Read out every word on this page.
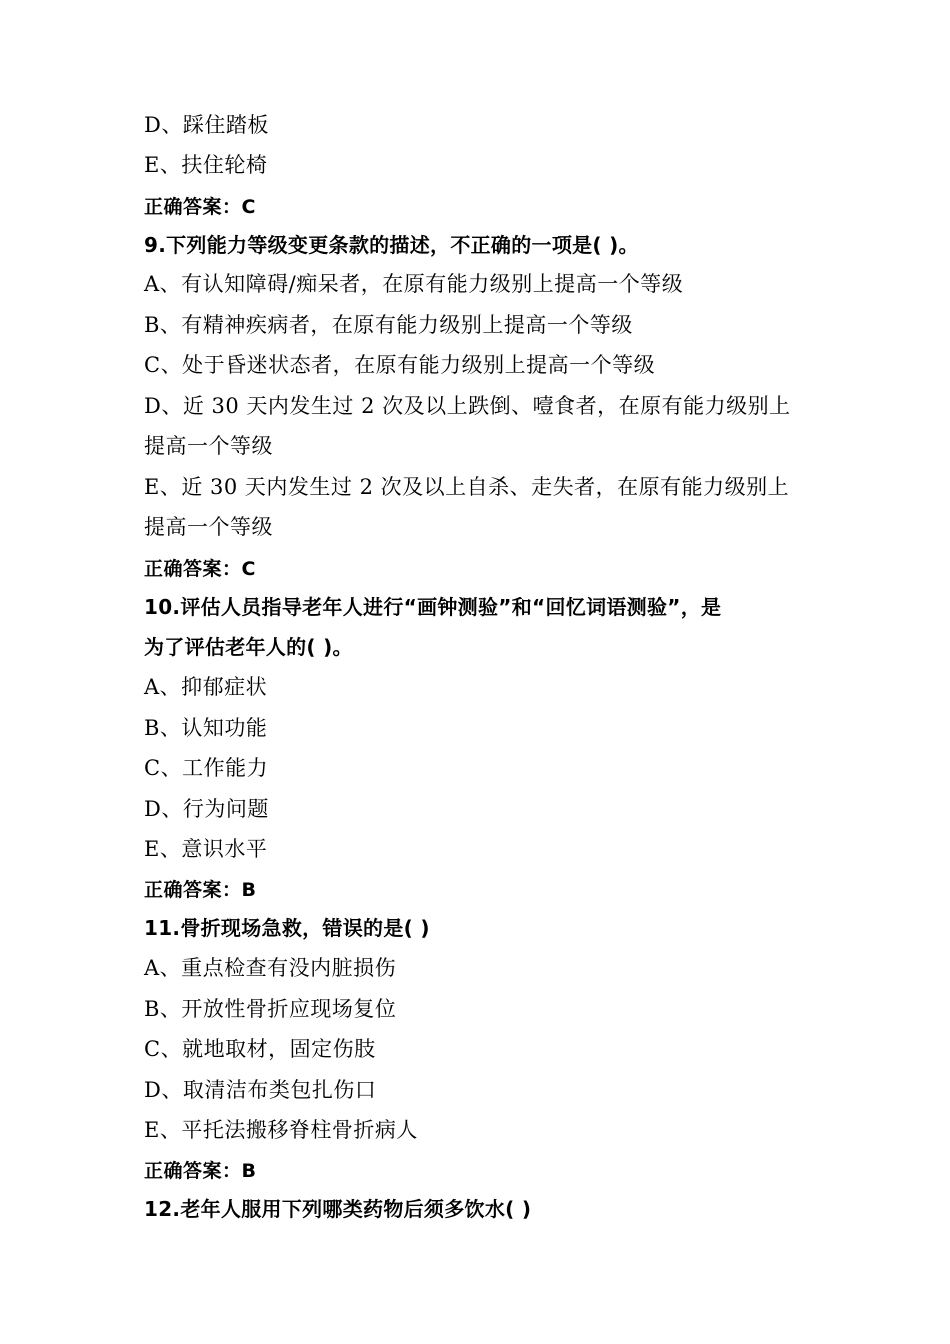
D、踩住踏板
E、扶住轮椅
正确答案：C
9.下列能力等级变更条款的描述，不正确的一项是( )。
A、有认知障碍/痴呆者，在原有能力级别上提高一个等级
B、有精神疾病者，在原有能力级别上提高一个等级
C、处于昏迷状态者，在原有能力级别上提高一个等级
D、近 30 天内发生过 2 次及以上跌倒、噎食者，在原有能力级别上
提高一个等级
E、近 30 天内发生过 2 次及以上自杀、走失者，在原有能力级别上
提高一个等级
正确答案：C
10.评估人员指导老年人进行“画钟测验”和“回忆词语测验”，是
为了评估老年人的( )。
A、抑郁症状
B、认知功能
C、工作能力
D、行为问题
E、意识水平
正确答案：B
11.骨折现场急救，错误的是( )
A、重点检查有没内脏损伤
B、开放性骨折应现场复位
C、就地取材，固定伤肢
D、取清洁布类包扎伤口
E、平托法搬移脊柱骨折病人
正确答案：B
12.老年人服用下列哪类药物后须多饮水( )
